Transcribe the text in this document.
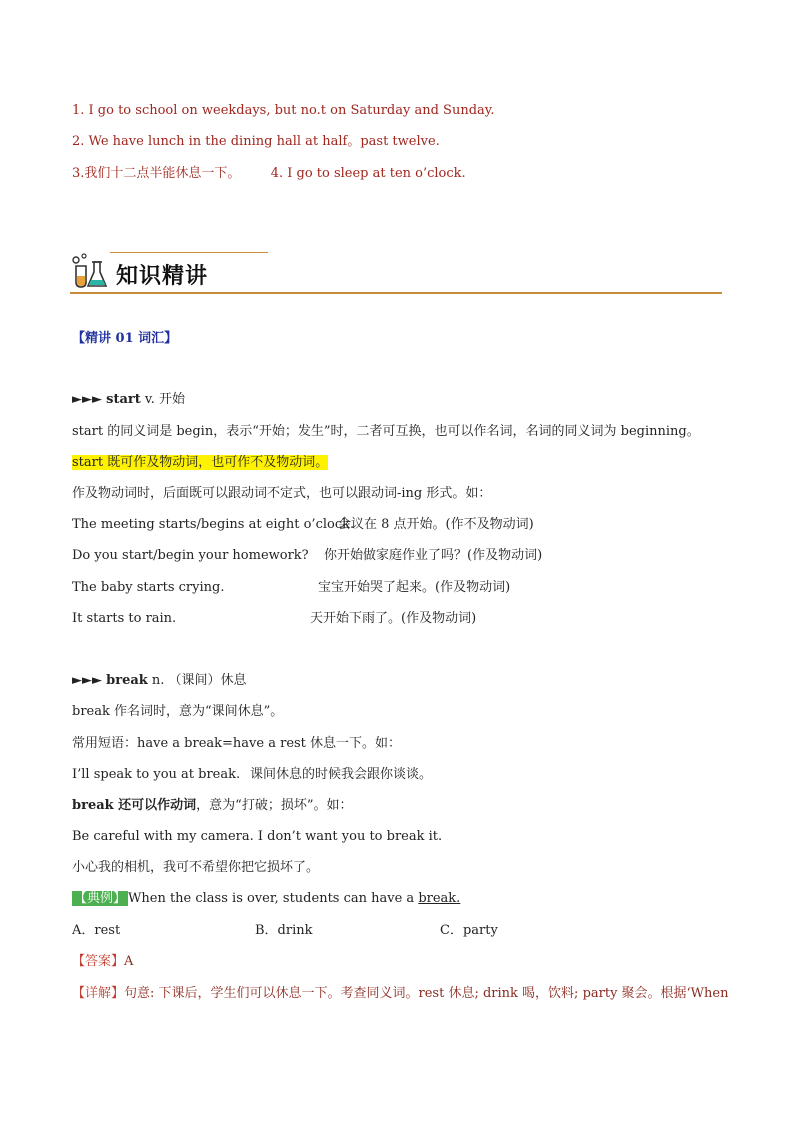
1. I go to school on weekdays, but no.t on Saturday and Sunday.
2. We have lunch in the dining hall at half。past twelve.
3.我们十二点半能休息一下。 4. I go to sleep at ten o’clock.
知识精讲
【精讲 01 词汇】
►►► start v. 开始
start 的同义词是 begin，表示“开始；发生”时，二者可互换，也可以作名词，名词的同义词为 beginning。
start 既可作及物动词，也可作不及物动词。
作及物动词时，后面既可以跟动词不定式，也可以跟动词-ing 形式。如：
The meeting starts/begins at eight o’clock.
会议在 8 点开始。(作不及物动词)
Do you start/begin your homework? 你开始做家庭作业了吗？(作及物动词)
The baby starts crying.	宝宝开始哭了起来。(作及物动词)
It starts to rain.	天开始下雨了。(作及物动词)
►►► break n. （课间）休息
break 作名词时，意为“课间休息”。
常用短语：have a break=have a rest 休息一下。如：
I’ll speak to you at break. 课间休息的时候我会跟你谈谈。
break 还可以作动词，意为“打破；损坏”。如：
Be careful with my camera. I don’t want you to break it.
小心我的相机，我可不希望你把它损坏了。
【典例】 When the class is over, students can have a break.
A．rest	B．drink	C．party
【答案】A
【详解】句意: 下课后，学生们可以休息一下。考查同义词。rest 休息; drink 喝，饮料; party 聚会。根据‘When
